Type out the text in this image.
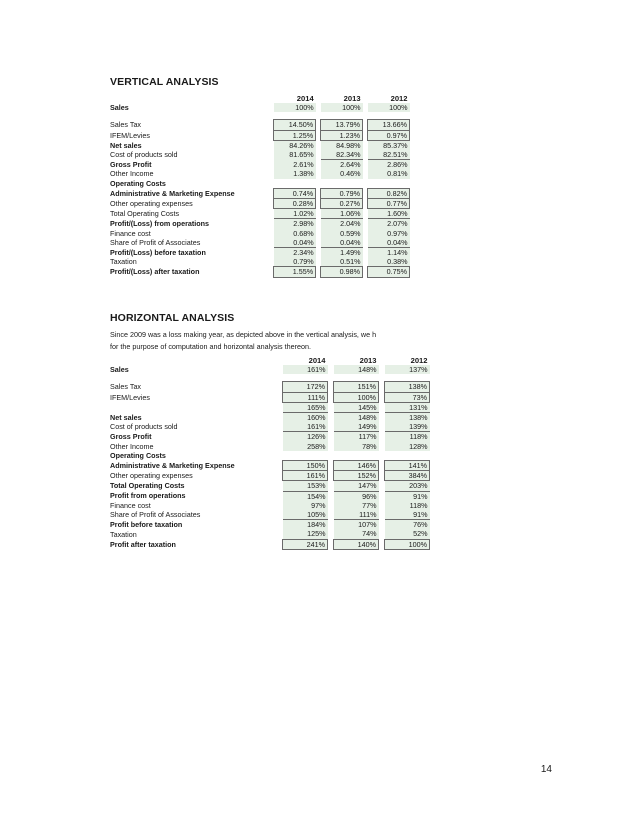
VERTICAL ANALYSIS
	2014		2013		2012
Sales	100%		100%		100%

Sales Tax	14.50%		13.79%		13.66%
IFEM/Levies	1.25%		1.23%		0.97%
Net sales	84.26%		84.98%		85.37%
Cost of products sold	81.65%		82.34%		82.51%
Gross Profit	2.61%		2.64%		2.86%
Other Income	1.38%		0.46%		0.81%
Operating Costs					
Administrative & Marketing Expense	0.74%		0.79%		0.82%
Other operating expenses	0.28%		0.27%		0.77%
Total Operating Costs	1.02%		1.06%		1.60%
Profit/(Loss) from operations	2.98%		2.04%		2.07%
Finance cost	0.68%		0.59%		0.97%
Share of Profit of Associates	0.04%		0.04%		0.04%
Profit/(Loss) before taxation	2.34%		1.49%		1.14%
Taxation	0.79%		0.51%		0.38%
Profit/(Loss) after taxation	1.55%		0.98%		0.75%
HORIZONTAL ANALYSIS
Since 2009 was a loss making year, as depicted above in the vertical analysis, we h
for the purpose of computation and horizontal analysis thereon.
	2014		2013		2012
Sales	161%		148%		137%

Sales Tax	172%		151%		138%
IFEM/Levies	111%		100%		73%
	165%		145%		131%
Net sales	160%		148%		138%
Cost of products sold	161%		149%		139%
Gross Profit	126%		117%		118%
Other Income	258%		78%		128%
Operating Costs					
Administrative & Marketing Expense	150%		146%		141%
Other operating expenses	161%		152%		384%
Total Operating Costs	153%		147%		203%
Profit from operations	154%		96%		91%
Finance cost	97%		77%		118%
Share of Profit of Associates	105%		111%		91%
Profit before taxation	184%		107%		76%
Taxation	125%		74%		52%
Profit after taxation	241%		140%		100%
14
